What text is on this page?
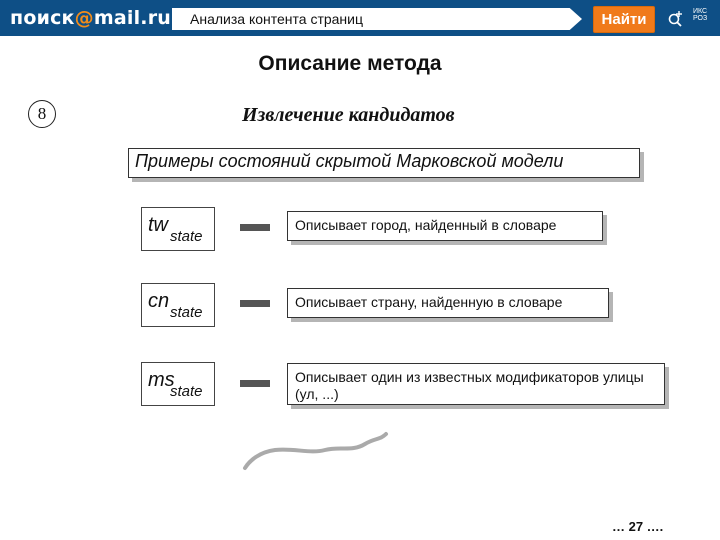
поиск @ mail.ru
Анализа контента страниц	Найти	ИКС РОЗ
Описание метода
8	Извлечение кандидатов
Примеры состояний скрытой Марковской модели
tw
state
Описывает город, найденный в словаре
cn
state
Описывает страну, найденную в словаре
ms
state
Описывает один из известных модификаторов улицы (ул, ...)
… 27 ….
